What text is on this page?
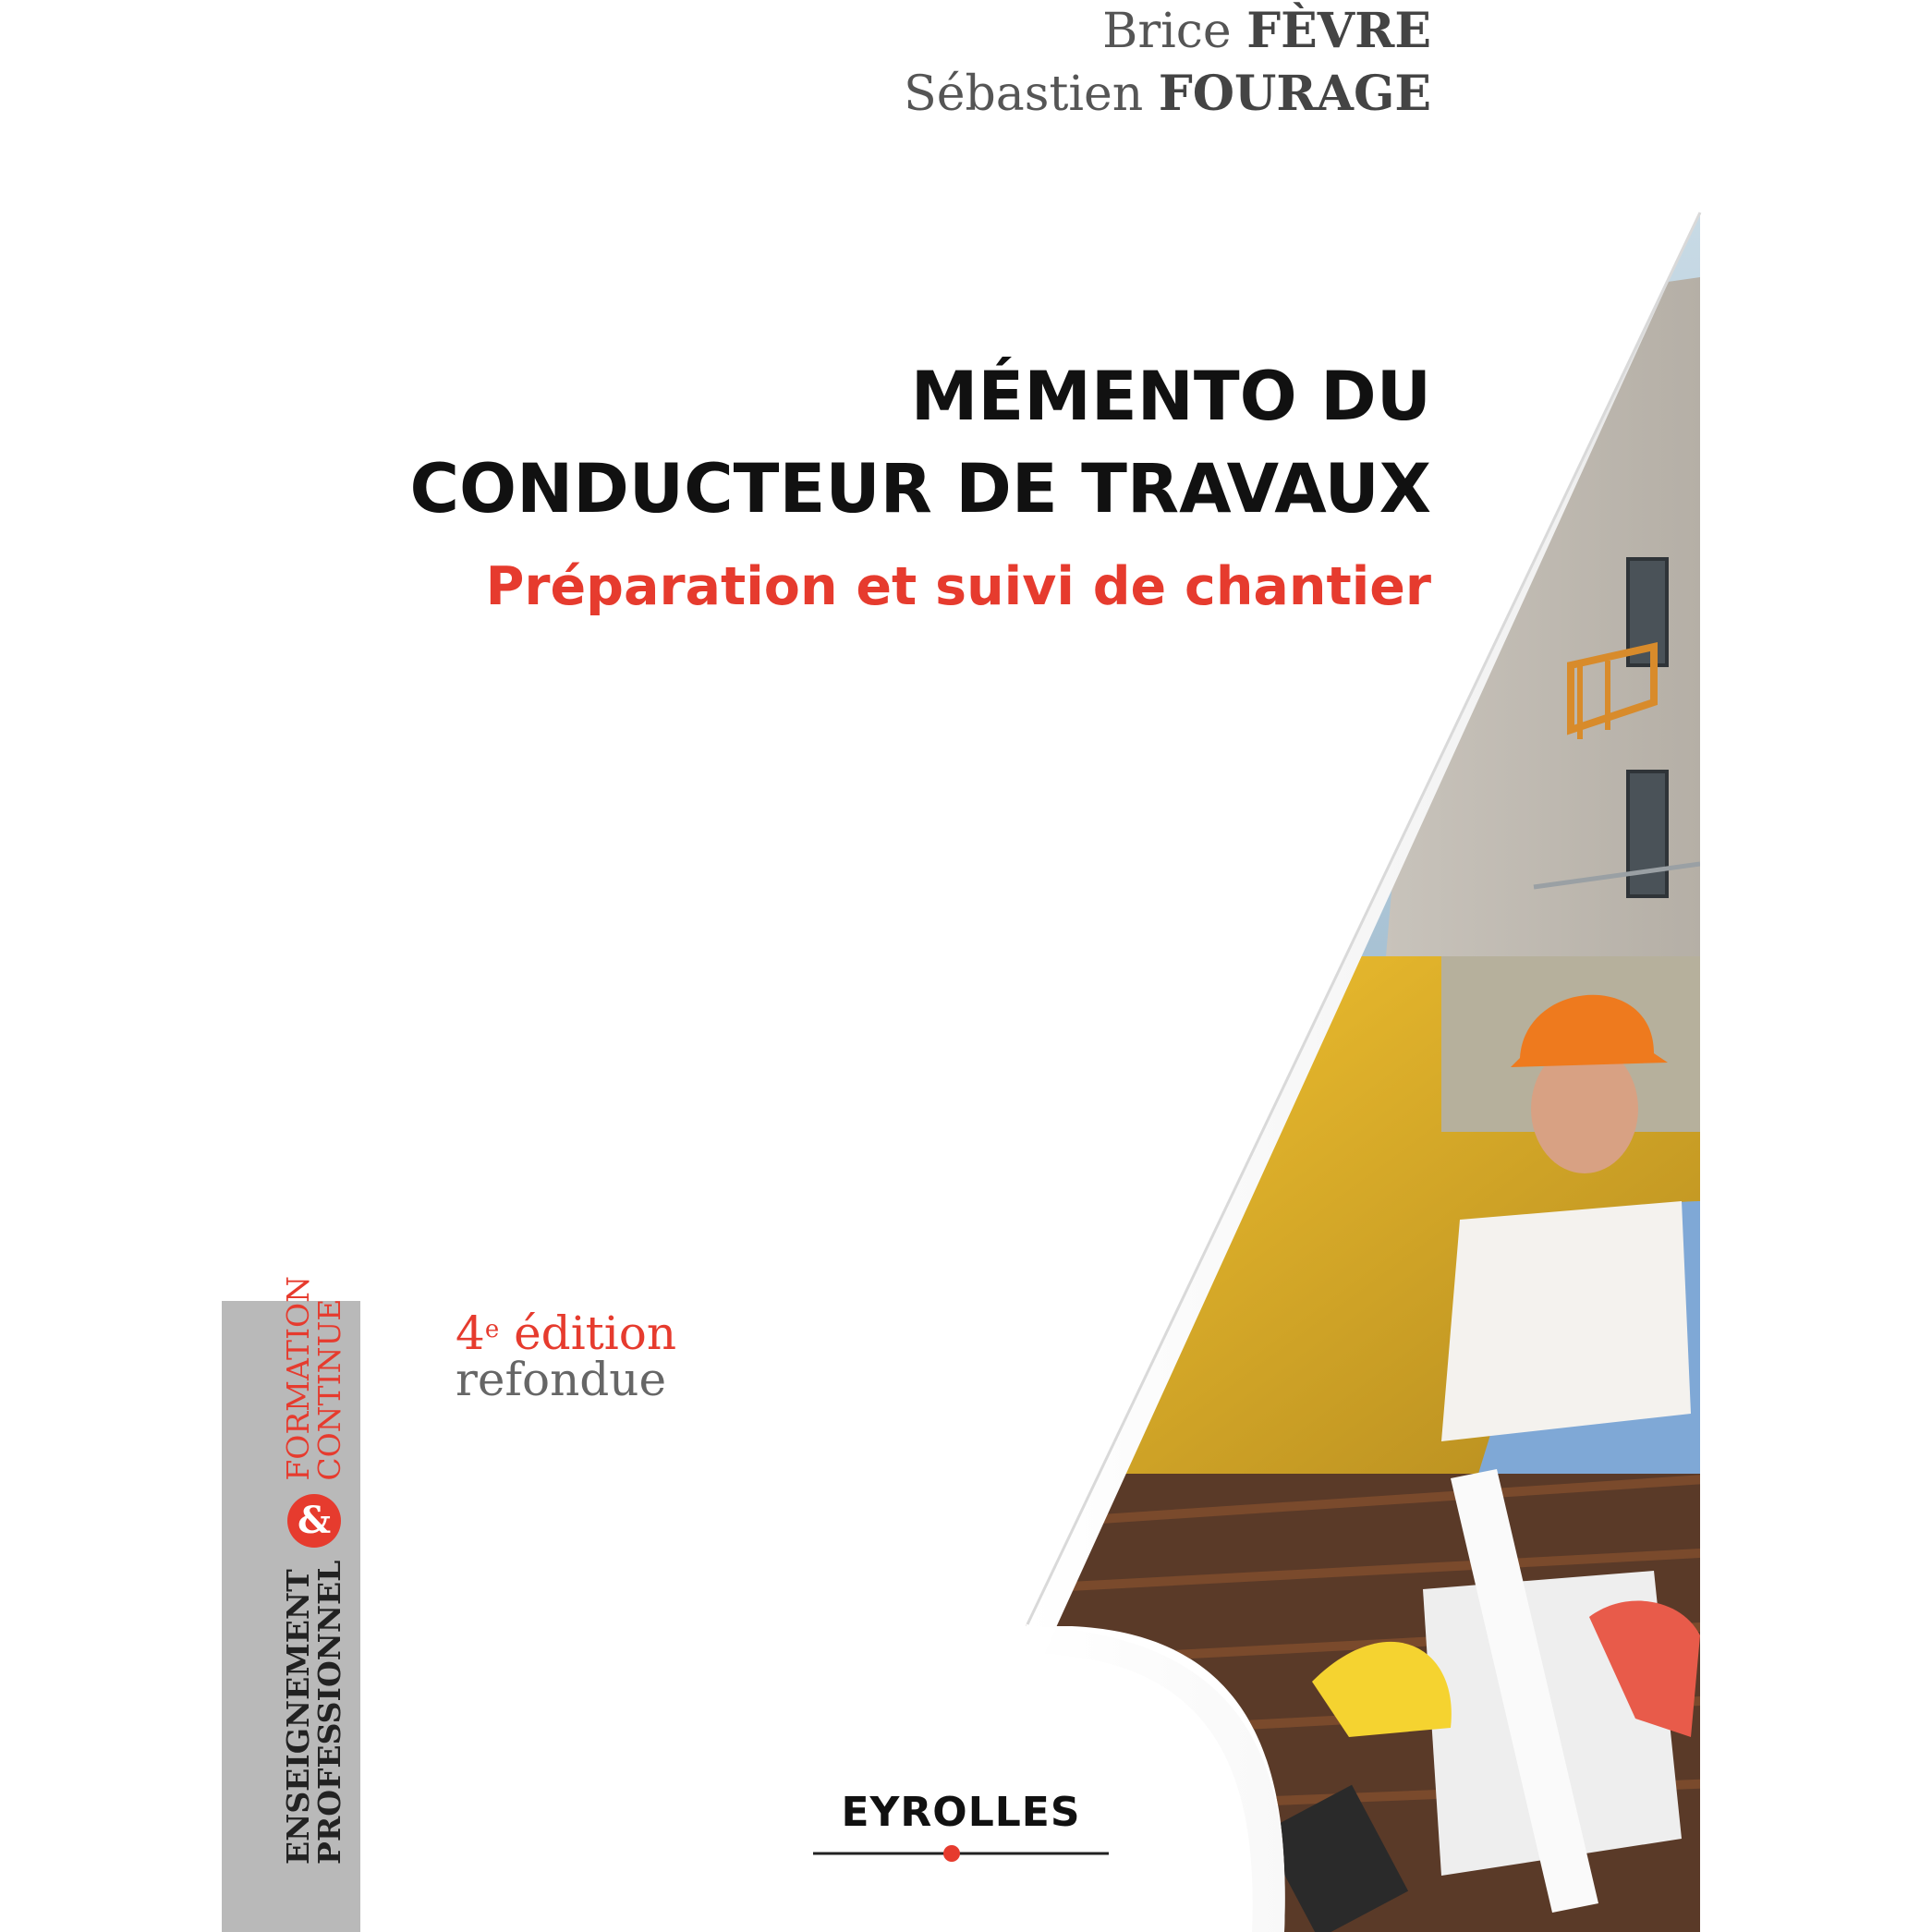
Brice FÈVRE
Sébastien FOURAGE
MÉMENTO DU
CONDUCTEUR DE TRAVAUX
Préparation et suivi de chantier
4e édition
refondue
ENSEIGNEMENT
PROFESSIONNEL
&
FORMATION
CONTINUE
EYROLLES
